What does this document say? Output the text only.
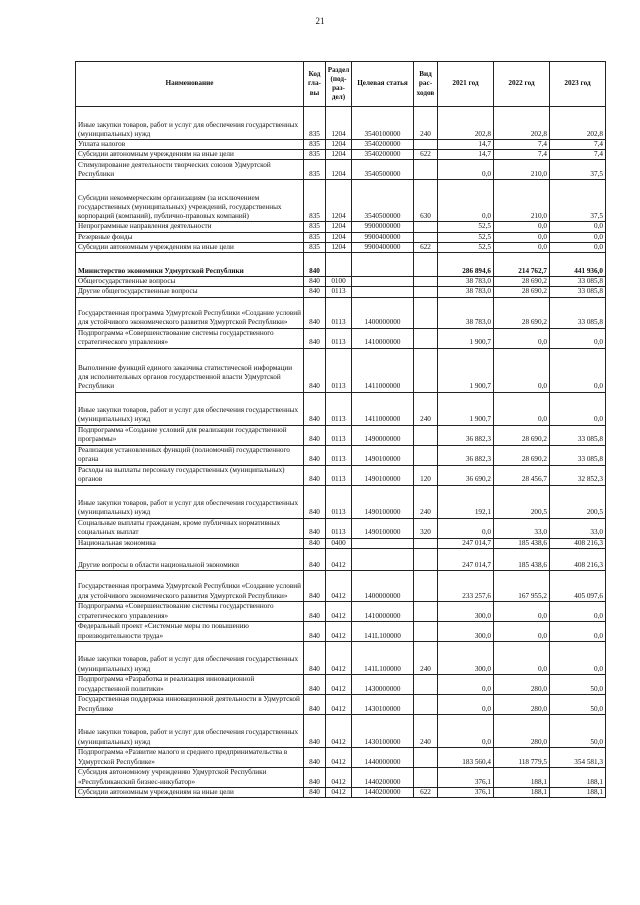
21
Наименование	Код гла-вы	Раздел (под-раз-дел)	Целевая статья	Вид рас-ходов	2021 год	2022 год	2023 год
Иные закупки товаров, работ и услуг для обеспечения государственных (муниципальных) нужд	835	1204	3540100000	240	202,8	202,8	202,8
Уплата налогов	835	1204	3540200000		14,7	7,4	7,4
Субсидии автономным учреждениям на иные цели	835	1204	3540200000	622	14,7	7,4	7,4
Стимулирование деятельности творческих союзов Удмуртской Республики	835	1204	3540500000		0,0	210,0	37,5
Субсидии некоммерческим организациям (за исключением государственных (муниципальных) учреждений, государственных корпораций (компаний), публично-правовых компаний)	835	1204	3540500000	630	0,0	210,0	37,5
Непрограммные направления деятельности	835	1204	9900000000		52,5	0,0	0,0
Резервные фонды	835	1204	9900400000		52,5	0,0	0,0
Субсидии автономным учреждениям на иные цели	835	1204	9900400000	622	52,5	0,0	0,0
Министерство экономики Удмуртской Республики	840				286 894,6	214 762,7	441 936,0
Общегосударственные вопросы	840	0100			38 783,0	28 690,2	33 085,8
Другие общегосударственные вопросы	840	0113			38 783,0	28 690,2	33 085,8
Государственная программа Удмуртской Республики «Создание условий для устойчивого экономического развития Удмуртской Республики»	840	0113	1400000000		38 783,0	28 690,2	33 085,8
Подпрограмма «Совершенствование системы государственного стратегического управления»	840	0113	1410000000		1 900,7	0,0	0,0
Выполнение функций единого заказчика статистической информации для исполнительных органов государственной власти Удмуртской Республики	840	0113	1411000000		1 900,7	0,0	0,0
Иные закупки товаров, работ и услуг для обеспечения государственных (муниципальных) нужд	840	0113	1411000000	240	1 900,7	0,0	0,0
Подпрограмма «Создание условий для реализации государственной программы»	840	0113	1490000000		36 882,3	28 690,2	33 085,8
Реализация установленных функций (полномочий) государственного органа	840	0113	1490100000		36 882,3	28 690,2	33 085,8
Расходы на выплаты персоналу государственных (муниципальных) органов	840	0113	1490100000	120	36 690,2	28 456,7	32 852,3
Иные закупки товаров, работ и услуг для обеспечения государственных (муниципальных) нужд	840	0113	1490100000	240	192,1	200,5	200,5
Социальные выплаты гражданам, кроме публичных нормативных социальных выплат	840	0113	1490100000	320	0,0	33,0	33,0
Национальная экономика	840	0400			247 014,7	185 438,6	408 216,3
Другие вопросы в области национальной экономики	840	0412			247 014,7	185 438,6	408 216,3
Государственная программа Удмуртской Республики «Создание условий для устойчивого экономического развития Удмуртской Республики»	840	0412	1400000000		233 257,6	167 955,2	405 097,6
Подпрограмма «Совершенствование системы государственного стратегического управления»	840	0412	1410000000		300,0	0,0	0,0
Федеральный проект «Системные меры по повышению производительности труда»	840	0412	141L100000		300,0	0,0	0,0
Иные закупки товаров, работ и услуг для обеспечения государственных (муниципальных) нужд	840	0412	141L100000	240	300,0	0,0	0,0
Подпрограмма «Разработка и реализация инновационной государственной политики»	840	0412	1430000000		0,0	280,0	50,0
Государственная поддержка инновационной деятельности в Удмуртской Республике	840	0412	1430100000		0,0	280,0	50,0
Иные закупки товаров, работ и услуг для обеспечения государственных (муниципальных) нужд	840	0412	1430100000	240	0,0	280,0	50,0
Подпрограмма «Развитие малого и среднего предпринимательства в Удмуртской Республике»	840	0412	1440000000		183 560,4	118 779,5	354 581,3
Субсидия автономному учреждению Удмуртской Республики «Республиканский бизнес-инкубатор»	840	0412	1440200000		376,1	188,1	188,1
Субсидии автономным учреждениям на иные цели	840	0412	1440200000	622	376,1	188,1	188,1
